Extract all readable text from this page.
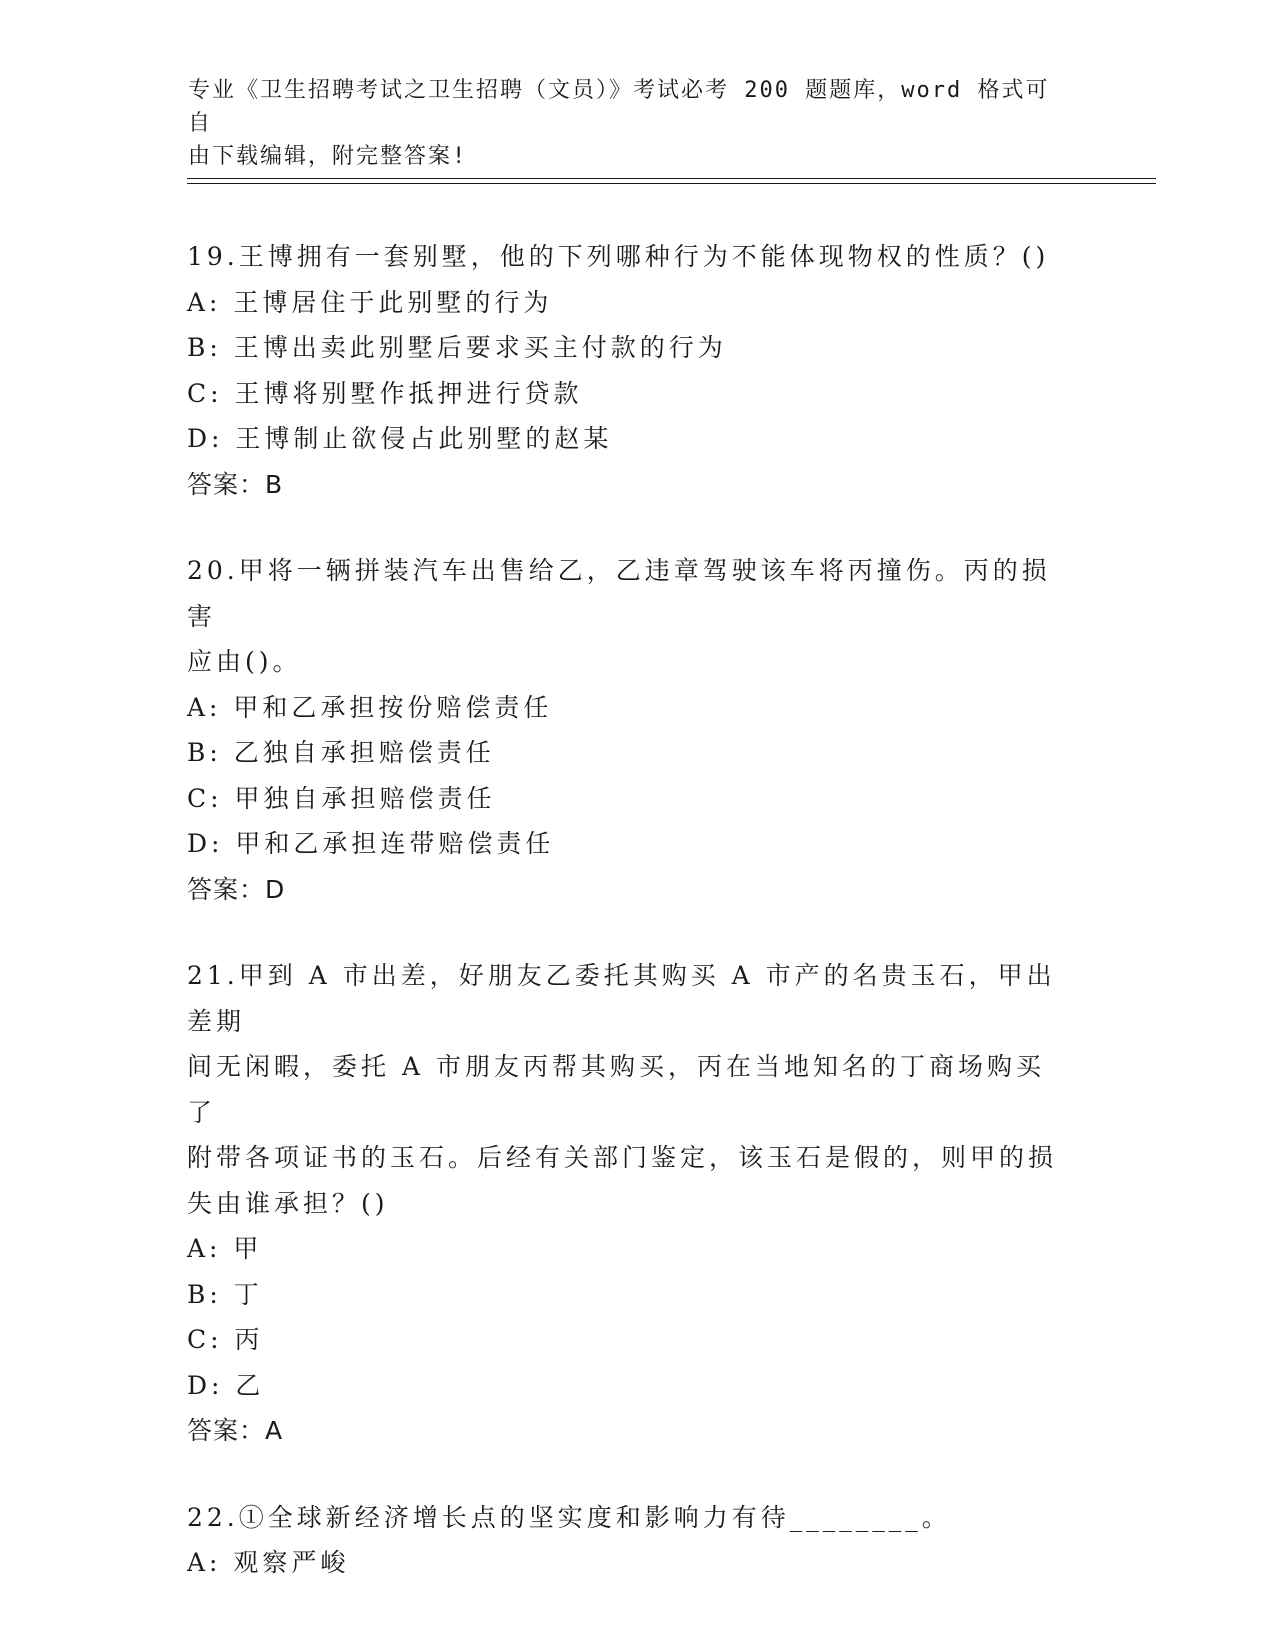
专业《卫生招聘考试之卫生招聘（文员）》考试必考 200 题题库，word 格式可自
由下载编辑，附完整答案!
19.王博拥有一套别墅，他的下列哪种行为不能体现物权的性质？()
A: 王博居住于此别墅的行为
B: 王博出卖此别墅后要求买主付款的行为
C: 王博将别墅作抵押进行贷款
D: 王博制止欲侵占此别墅的赵某
答案：B
20.甲将一辆拼装汽车出售给乙，乙违章驾驶该车将丙撞伤。丙的损害
应由()。
A: 甲和乙承担按份赔偿责任
B: 乙独自承担赔偿责任
C: 甲独自承担赔偿责任
D: 甲和乙承担连带赔偿责任
答案：D
21.甲到 A 市出差，好朋友乙委托其购买 A 市产的名贵玉石，甲出差期
间无闲暇，委托 A 市朋友丙帮其购买，丙在当地知名的丁商场购买了
附带各项证书的玉石。后经有关部门鉴定，该玉石是假的，则甲的损
失由谁承担？()
A: 甲
B: 丁
C: 丙
D: 乙
答案：A
22.①全球新经济增长点的坚实度和影响力有待________。
A: 观察严峻
